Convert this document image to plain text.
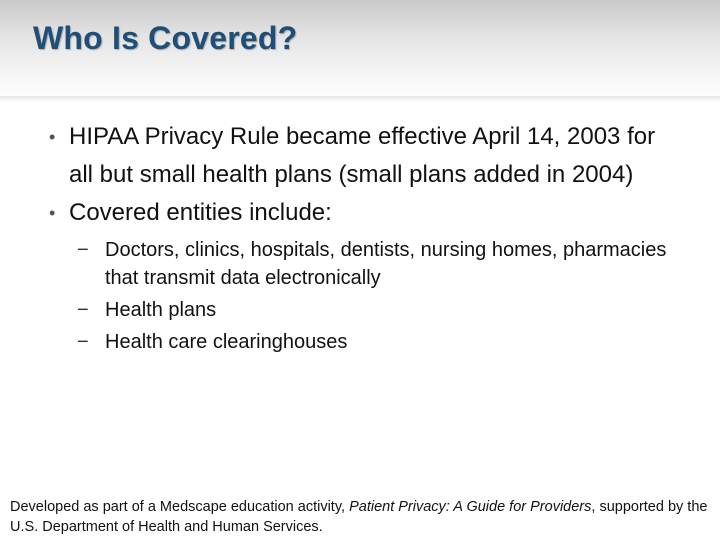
Who Is Covered?
• HIPAA Privacy Rule became effective April 14, 2003 for all but small health plans (small plans added in 2004)
• Covered entities include:
− Doctors, clinics, hospitals, dentists, nursing homes, pharmacies that transmit data electronically
− Health plans
− Health care clearinghouses
Developed as part of a Medscape education activity, Patient Privacy: A Guide for Providers, supported by the U.S. Department of Health and Human Services.
